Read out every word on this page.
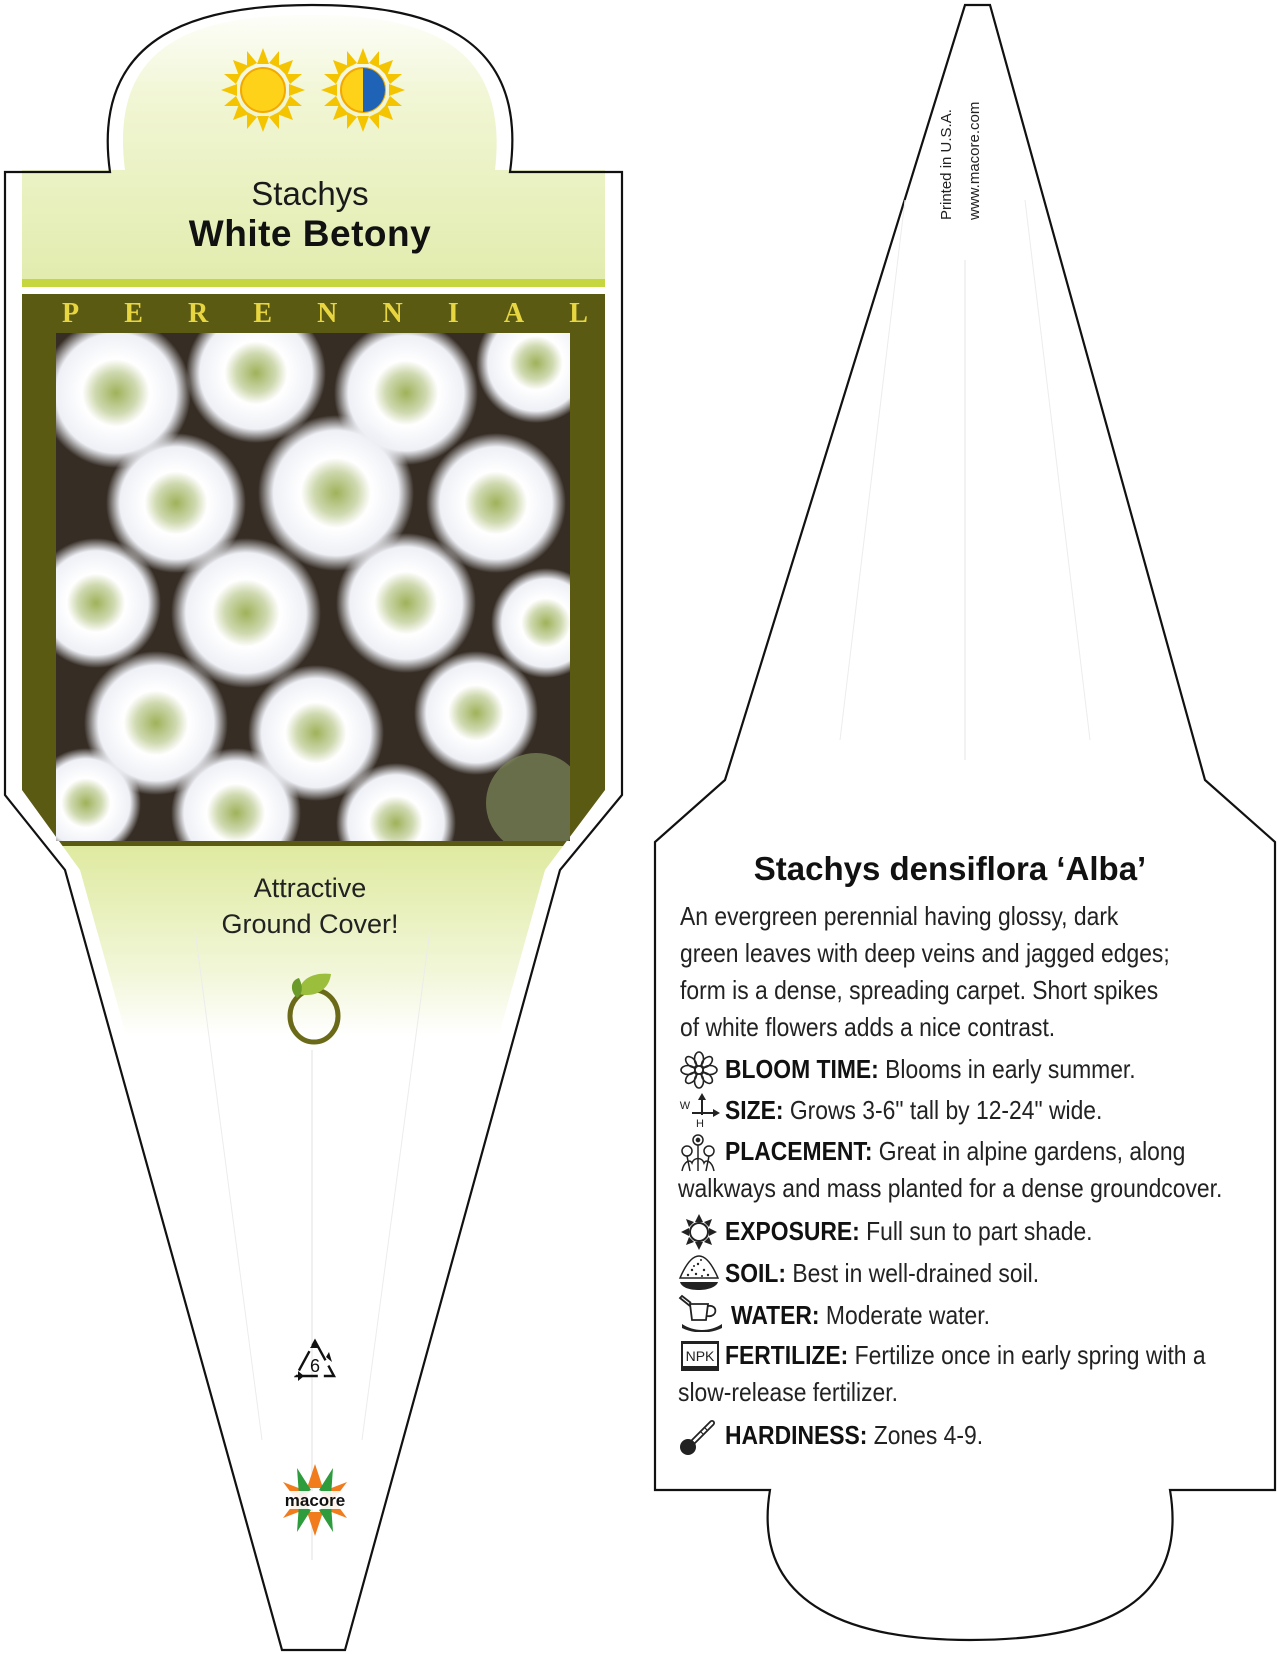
Stachys
White Betony
P E R E N N I A L
Attractive
Ground Cover!
6
macore
Printed in U.S.A. www.macore.com
Stachys densiflora ‘Alba’
An evergreen perennial having glossy, dark green leaves with deep veins and jagged edges; form is a dense, spreading carpet. Short spikes of white flowers adds a nice contrast.
BLOOM TIME: Blooms in early summer.
W
H SIZE: Grows 3-6" tall by 12-24" wide.
PLACEMENT: Great in alpine gardens, along
walkways and mass planted for a dense groundcover.
EXPOSURE: Full sun to part shade.
SOIL: Best in well-drained soil.
WATER: Moderate water.
NPK FERTILIZE: Fertilize once in early spring with a
slow-release fertilizer.
HARDINESS: Zones 4-9.
